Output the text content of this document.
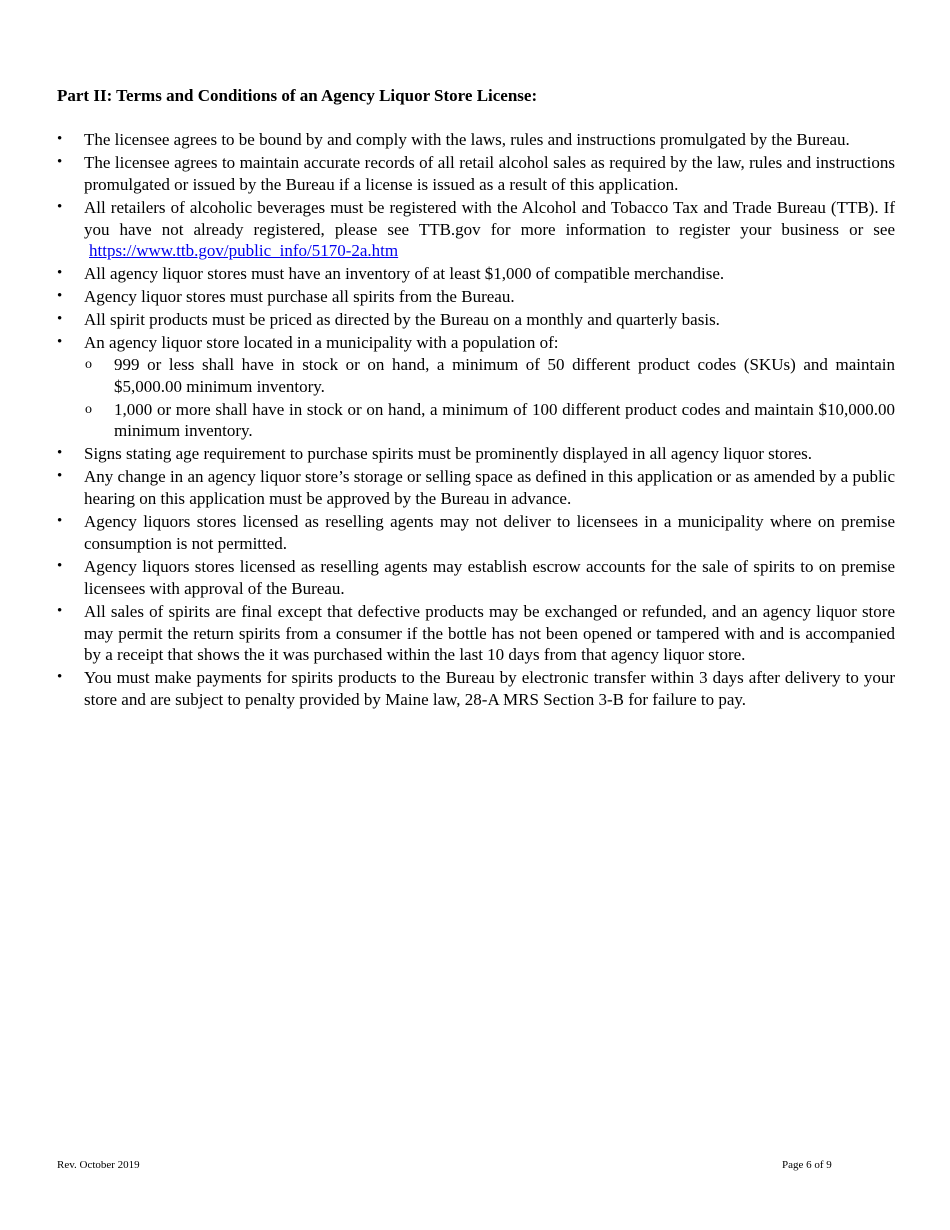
Part II: Terms and Conditions of an Agency Liquor Store License:
• The licensee agrees to be bound by and comply with the laws, rules and instructions promulgated by the Bureau.
• The licensee agrees to maintain accurate records of all retail alcohol sales as required by the law, rules and instructions promulgated or issued by the Bureau if a license is issued as a result of this application.
• All retailers of alcoholic beverages must be registered with the Alcohol and Tobacco Tax and Trade Bureau (TTB). If you have not already registered, please see TTB.gov for more information to register your business or see https://www.ttb.gov/public_info/5170-2a.htm
• All agency liquor stores must have an inventory of at least $1,000 of compatible merchandise.
• Agency liquor stores must purchase all spirits from the Bureau.
• All spirit products must be priced as directed by the Bureau on a monthly and quarterly basis.
• An agency liquor store located in a municipality with a population of:
o 999 or less shall have in stock or on hand, a minimum of 50 different product codes (SKUs) and maintain $5,000.00 minimum inventory.
o 1,000 or more shall have in stock or on hand, a minimum of 100 different product codes and maintain $10,000.00 minimum inventory.
• Signs stating age requirement to purchase spirits must be prominently displayed in all agency liquor stores.
• Any change in an agency liquor store’s storage or selling space as defined in this application or as amended by a public hearing on this application must be approved by the Bureau in advance.
• Agency liquors stores licensed as reselling agents may not deliver to licensees in a municipality where on premise consumption is not permitted.
• Agency liquors stores licensed as reselling agents may establish escrow accounts for the sale of spirits to on premise licensees with approval of the Bureau.
• All sales of spirits are final except that defective products may be exchanged or refunded, and an agency liquor store may permit the return spirits from a consumer if the bottle has not been opened or tampered with and is accompanied by a receipt that shows the it was purchased within the last 10 days from that agency liquor store.
• You must make payments for spirits products to the Bureau by electronic transfer within 3 days after delivery to your store and are subject to penalty provided by Maine law, 28-A MRS Section 3-B for failure to pay.
Rev. October 2019	Page 6 of 9
